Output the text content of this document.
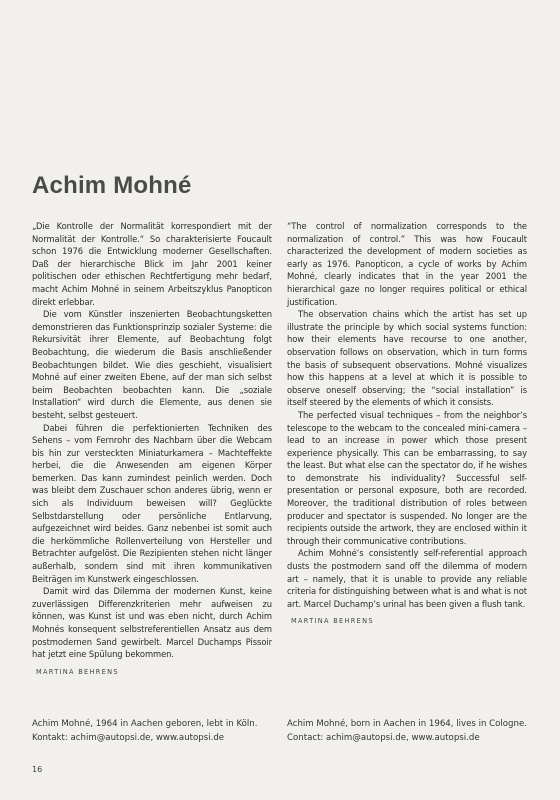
Achim Mohné

„Die Kontrolle der Normalität korrespondiert mit der Normalität der Kontrolle.“ So charakterisierte Foucault schon 1976 die Entwicklung moderner Gesellschaften. Daß der hierarchische Blick im Jahr 2001 keiner politischen oder ethischen Rechtfertigung mehr bedarf, macht Achim Mohné in seinem Arbeitszyklus Panopticon direkt erlebbar.

Die vom Künstler inszenierten Beobachtungsketten demonstrieren das Funktionsprinzip sozialer Systeme: die Rekursivität ihrer Elemente, auf Beobachtung folgt Beobachtung, die wiederum die Basis anschließender Beobachtungen bildet. Wie dies geschieht, visualisiert Mohné auf einer zweiten Ebene, auf der man sich selbst beim Beobachten beobachten kann. Die „soziale Installation“ wird durch die Elemente, aus denen sie besteht, selbst gesteuert.

Dabei führen die perfektionierten Techniken des Sehens – vom Fernrohr des Nachbarn über die Webcam bis hin zur versteckten Miniaturkamera – Machteffekte herbei, die die Anwesenden am eigenen Körper bemerken. Das kann zumindest peinlich werden. Doch was bleibt dem Zuschauer schon anderes übrig, wenn er sich als Individuum beweisen will? Geglückte Selbstdarstellung oder persönliche Entlarvung, aufgezeichnet wird beides. Ganz nebenbei ist somit auch die herkömmliche Rollenverteilung von Hersteller und Betrachter aufgelöst. Die Rezipienten stehen nicht länger außerhalb, sondern sind mit ihren kommunikativen Beiträgen im Kunstwerk eingeschlossen.

Damit wird das Dilemma der modernen Kunst, keine zuverlässigen Differenzkriterien mehr aufweisen zu können, was Kunst ist und was eben nicht, durch Achim Mohnés konsequent selbstreferentiellen Ansatz aus dem postmodernen Sand gewirbelt. Marcel Duchamps Pissoir hat jetzt eine Spülung bekommen.

MARTINA BEHRENS

“The control of normalization corresponds to the normalization of control.” This was how Foucault characterized the development of modern societies as early as 1976. Panopticon, a cycle of works by Achim Mohné, clearly indicates that in the year 2001 the hierarchical gaze no longer requires political or ethical justification.

The observation chains which the artist has set up illustrate the principle by which social systems function: how their elements have recourse to one another, observation follows on observation, which in turn forms the basis of subsequent observations. Mohné visualizes how this happens at a level at which it is possible to observe oneself observing; the “social installation” is itself steered by the elements of which it consists.

The perfected visual techniques – from the neighbor’s telescope to the webcam to the concealed mini-camera – lead to an increase in power which those present experience physically. This can be embarrassing, to say the least. But what else can the spectator do, if he wishes to demonstrate his individuality? Successful self-presentation or personal exposure, both are recorded. Moreover, the traditional distribution of roles between producer and spectator is suspended. No longer are the recipients outside the artwork, they are enclosed within it through their communicative contributions.

Achim Mohné’s consistently self-referential approach dusts the postmodern sand off the dilemma of modern art – namely, that it is unable to provide any reliable criteria for distinguishing between what is and what is not art. Marcel Duchamp’s urinal has been given a flush tank.

MARTINA BEHRENS
Achim Mohné, 1964 in Aachen geboren, lebt in Köln.
Kontakt: achim@autopsi.de, www.autopsi.de
Achim Mohné, born in Aachen in 1964, lives in Cologne.
Contact: achim@autopsi.de, www.autopsi.de
16
